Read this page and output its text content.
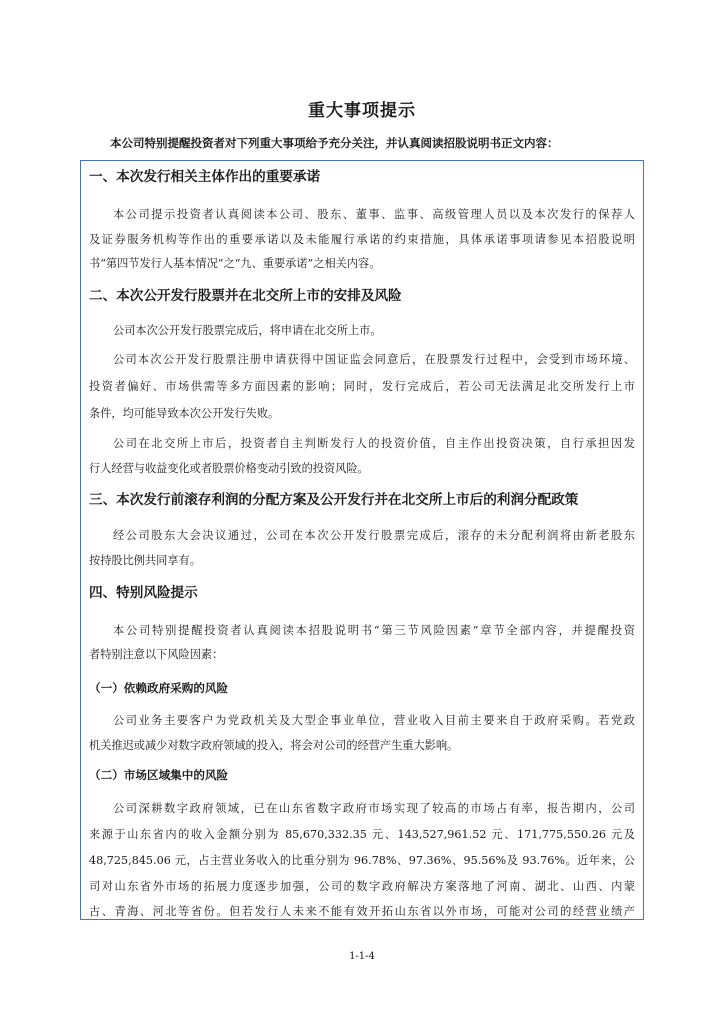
重大事项提示
本公司特别提醒投资者对下列重大事项给予充分关注，并认真阅读招股说明书正文内容：
一、本次发行相关主体作出的重要承诺
本公司提示投资者认真阅读本公司、股东、董事、监事、高级管理人员以及本次发行的保荐人
及证券服务机构等作出的重要承诺以及未能履行承诺的约束措施，具体承诺事项请参见本招股说明
书“第四节发行人基本情况”之“九、重要承诺”之相关内容。
二、本次公开发行股票并在北交所上市的安排及风险
公司本次公开发行股票完成后，将申请在北交所上市。
公司本次公开发行股票注册申请获得中国证监会同意后，在股票发行过程中，会受到市场环境、
投资者偏好、市场供需等多方面因素的影响；同时，发行完成后，若公司无法满足北交所发行上市
条件，均可能导致本次公开发行失败。
公司在北交所上市后，投资者自主判断发行人的投资价值，自主作出投资决策，自行承担因发
行人经营与收益变化或者股票价格变动引致的投资风险。
三、本次发行前滚存利润的分配方案及公开发行并在北交所上市后的利润分配政策
经公司股东大会决议通过，公司在本次公开发行股票完成后，滚存的未分配利润将由新老股东
按持股比例共同享有。
四、特别风险提示
本公司特别提醒投资者认真阅读本招股说明书“第三节风险因素”章节全部内容，并提醒投资
者特别注意以下风险因素：
（一）依赖政府采购的风险
公司业务主要客户为党政机关及大型企事业单位，营业收入目前主要来自于政府采购。若党政
机关推迟或减少对数字政府领域的投入，将会对公司的经营产生重大影响。
（二）市场区域集中的风险
公司深耕数字政府领域，已在山东省数字政府市场实现了较高的市场占有率，报告期内，公司
来源于山东省内的收入金额分别为 85,670,332.35 元、143,527,961.52 元、171,775,550.26 元及
48,725,845.06 元，占主营业务收入的比重分别为 96.78%、97.36%、95.56%及 93.76%。近年来，公
司对山东省外市场的拓展力度逐步加强，公司的数字政府解决方案落地了河南、湖北、山西、内蒙
古、青海、河北等省份。但若发行人未来不能有效开拓山东省以外市场，可能对公司的经营业绩产
1-1-4
